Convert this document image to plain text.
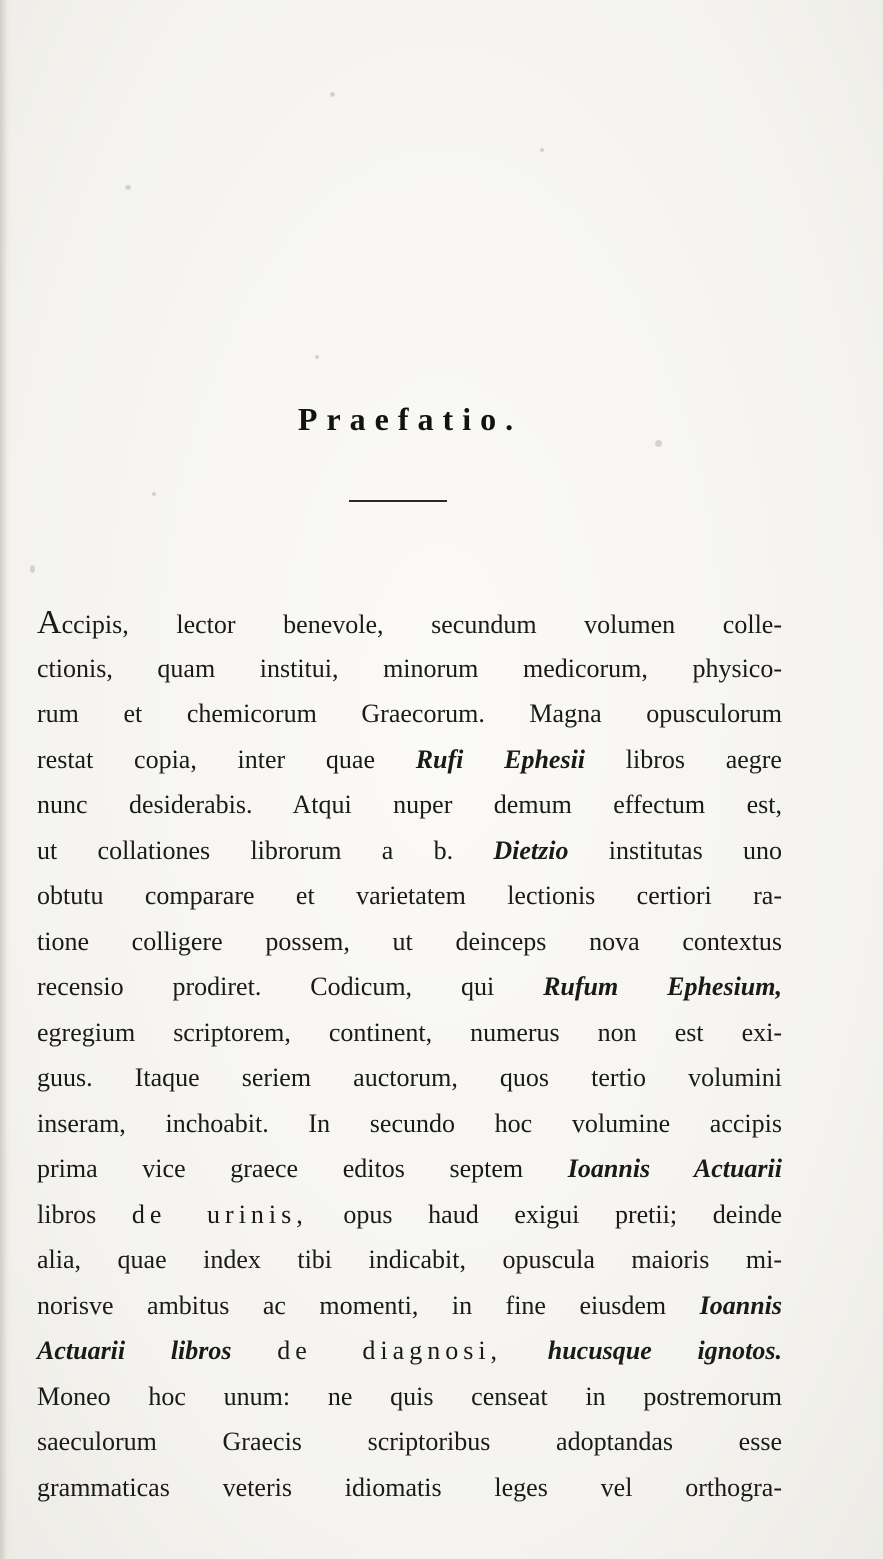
Praefatio.
Accipis, lector benevole, secundum volumen colle-
ctionis, quam institui, minorum medicorum, physico-
rum et chemicorum Graecorum. Magna opusculorum
restat copia, inter quae Rufi Ephesii libros aegre
nunc desiderabis. Atqui nuper demum effectum est,
ut collationes librorum a b. Dietzio institutas uno
obtutu comparare et varietatem lectionis certiori ra-
tione colligere possem, ut deinceps nova contextus
recensio prodiret. Codicum, qui Rufum Ephesium,
egregium scriptorem, continent, numerus non est exi-
guus. Itaque seriem auctorum, quos tertio volumini
inseram, inchoabit. In secundo hoc volumine accipis
prima vice graece editos septem Ioannis Actuarii
libros de urinis, opus haud exigui pretii; deinde
alia, quae index tibi indicabit, opuscula maioris mi-
norisve ambitus ac momenti, in fine eiusdem Ioannis
Actuarii libros de diagnosi, hucusque ignotos.
Moneo hoc unum: ne quis censeat in postremorum
saeculorum Graecis scriptoribus adoptandas esse
grammaticas veteris idiomatis leges vel orthogra-
